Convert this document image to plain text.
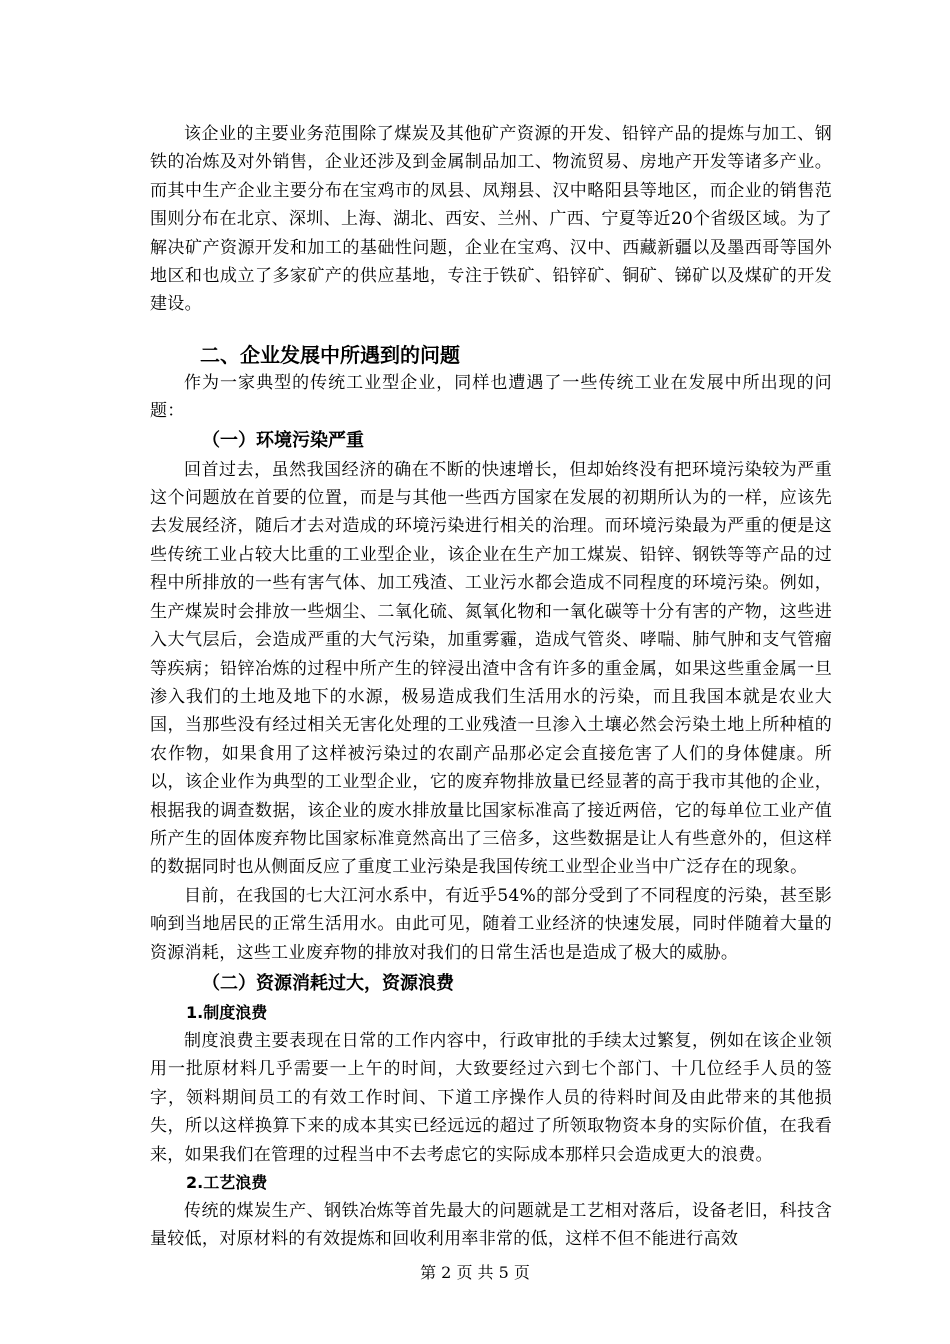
该企业的主要业务范围除了煤炭及其他矿产资源的开发、铅锌产品的提炼与加工、钢铁的冶炼及对外销售，企业还涉及到金属制品加工、物流贸易、房地产开发等诸多产业。而其中生产企业主要分布在宝鸡市的凤县、凤翔县、汉中略阳县等地区，而企业的销售范围则分布在北京、深圳、上海、湖北、西安、兰州、广西、宁夏等近20个省级区域。为了解决矿产资源开发和加工的基础性问题，企业在宝鸡、汉中、西藏新疆以及墨西哥等国外地区和也成立了多家矿产的供应基地，专注于铁矿、铅锌矿、铜矿、锑矿以及煤矿的开发建设。

二、企业发展中所遇到的问题

作为一家典型的传统工业型企业，同样也遭遇了一些传统工业在发展中所出现的问题：

（一）环境污染严重

回首过去，虽然我国经济的确在不断的快速增长，但却始终没有把环境污染较为严重这个问题放在首要的位置，而是与其他一些西方国家在发展的初期所认为的一样，应该先去发展经济，随后才去对造成的环境污染进行相关的治理。而环境污染最为严重的便是这些传统工业占较大比重的工业型企业，该企业在生产加工煤炭、铅锌、钢铁等等产品的过程中所排放的一些有害气体、加工残渣、工业污水都会造成不同程度的环境污染。例如，生产煤炭时会排放一些烟尘、二氧化硫、氮氧化物和一氧化碳等十分有害的产物，这些进入大气层后，会造成严重的大气污染，加重雾霾，造成气管炎、哮喘、肺气肿和支气管瘤等疾病；铅锌冶炼的过程中所产生的锌浸出渣中含有许多的重金属，如果这些重金属一旦渗入我们的土地及地下的水源，极易造成我们生活用水的污染，而且我国本就是农业大国，当那些没有经过相关无害化处理的工业残渣一旦渗入土壤必然会污染土地上所种植的农作物，如果食用了这样被污染过的农副产品那必定会直接危害了人们的身体健康。所以，该企业作为典型的工业型企业，它的废弃物排放量已经显著的高于我市其他的企业，根据我的调查数据，该企业的废水排放量比国家标准高了接近两倍，它的每单位工业产值所产生的固体废弃物比国家标准竟然高出了三倍多，这些数据是让人有些意外的，但这样的数据同时也从侧面反应了重度工业污染是我国传统工业型企业当中广泛存在的现象。

目前，在我国的七大江河水系中，有近乎54%的部分受到了不同程度的污染，甚至影响到当地居民的正常生活用水。由此可见，随着工业经济的快速发展，同时伴随着大量的资源消耗，这些工业废弃物的排放对我们的日常生活也是造成了极大的威胁。

（二）资源消耗过大，资源浪费
1.制度浪费

制度浪费主要表现在日常的工作内容中，行政审批的手续太过繁复，例如在该企业领用一批原材料几乎需要一上午的时间，大致要经过六到七个部门、十几位经手人员的签字，领料期间员工的有效工作时间、下道工序操作人员的待料时间及由此带来的其他损失，所以这样换算下来的成本其实已经远远的超过了所领取物资本身的实际价值，在我看来，如果我们在管理的过程当中不去考虑它的实际成本那样只会造成更大的浪费。

2.工艺浪费

传统的煤炭生产、钢铁冶炼等首先最大的问题就是工艺相对落后，设备老旧，科技含量较低，对原材料的有效提炼和回收利用率非常的低，这样不但不能进行高效

第 2 页 共 5 页
